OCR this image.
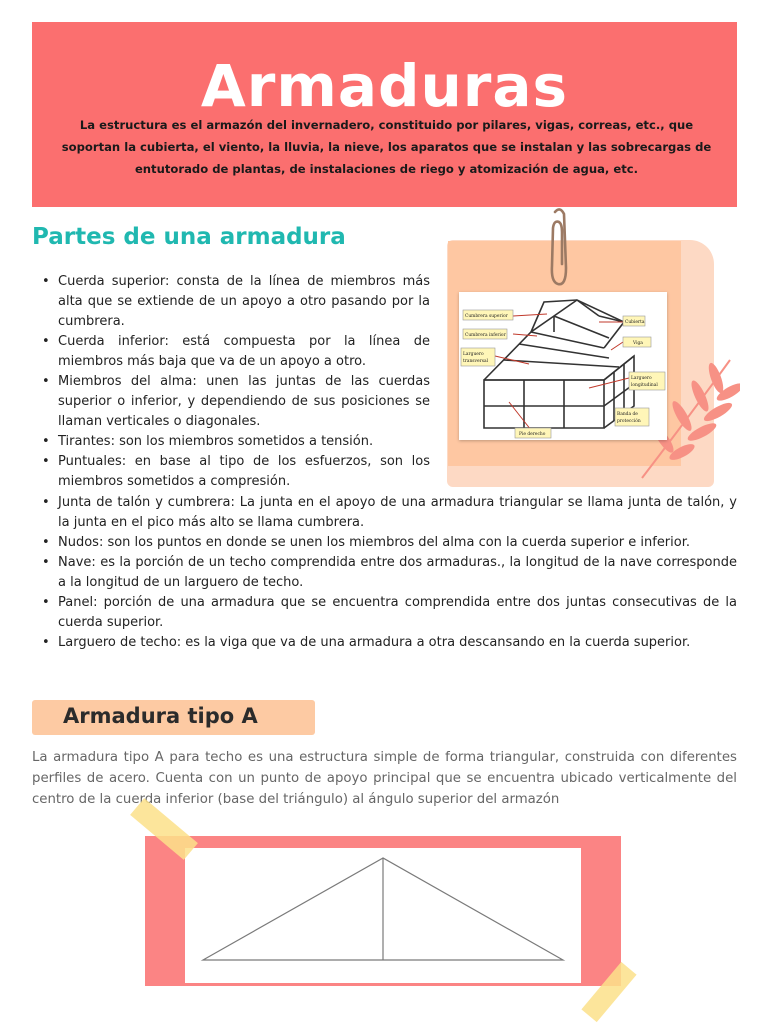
Armaduras

La estructura es el armazón del invernadero, constituido por pilares, vigas, correas, etc., que soportan la cubierta, el viento, la lluvia, la nieve, los aparatos que se instalan y las sobrecargas de entutorado de plantas, de instalaciones de riego y atomización de agua, etc.

Partes de una armadura
Cumbrera superior
Cumbrera inferior
Larguero
transversal
Cubierta
Viga
Larguero
longitudinal
Banda de
protección
Pie derecho
• Cuerda superior: consta de la línea de miembros más alta que se extiende de un apoyo a otro pasando por la cumbrera.
• Cuerda inferior: está compuesta por la línea de miembros más baja que va de un apoyo a otro.
• Miembros del alma: unen las juntas de las cuerdas superior o inferior, y dependiendo de sus posiciones se llaman verticales o diagonales.
• Tirantes: son los miembros sometidos a tensión.
• Puntuales: en base al tipo de los esfuerzos, son los miembros sometidos a compresión.
• Junta de talón y cumbrera: La junta en el apoyo de una armadura triangular se llama junta de talón, y la junta en el pico más alto se llama cumbrera.
• Nudos: son los puntos en donde se unen los miembros del alma con la cuerda superior e inferior.
• Nave: es la porción de un techo comprendida entre dos armaduras., la longitud de la nave corresponde a la longitud de un larguero de techo.
• Panel: porción de una armadura que se encuentra comprendida entre dos juntas consecutivas de la cuerda superior.
• Larguero de techo: es la viga que va de una armadura a otra descansando en la cuerda superior.
Armadura tipo A

La armadura tipo A para techo es una estructura simple de forma triangular, construida con diferentes perfiles de acero. Cuenta con un punto de apoyo principal que se encuentra ubicado verticalmente del centro de la cuerda inferior (base del triángulo) al ángulo superior del armazón
